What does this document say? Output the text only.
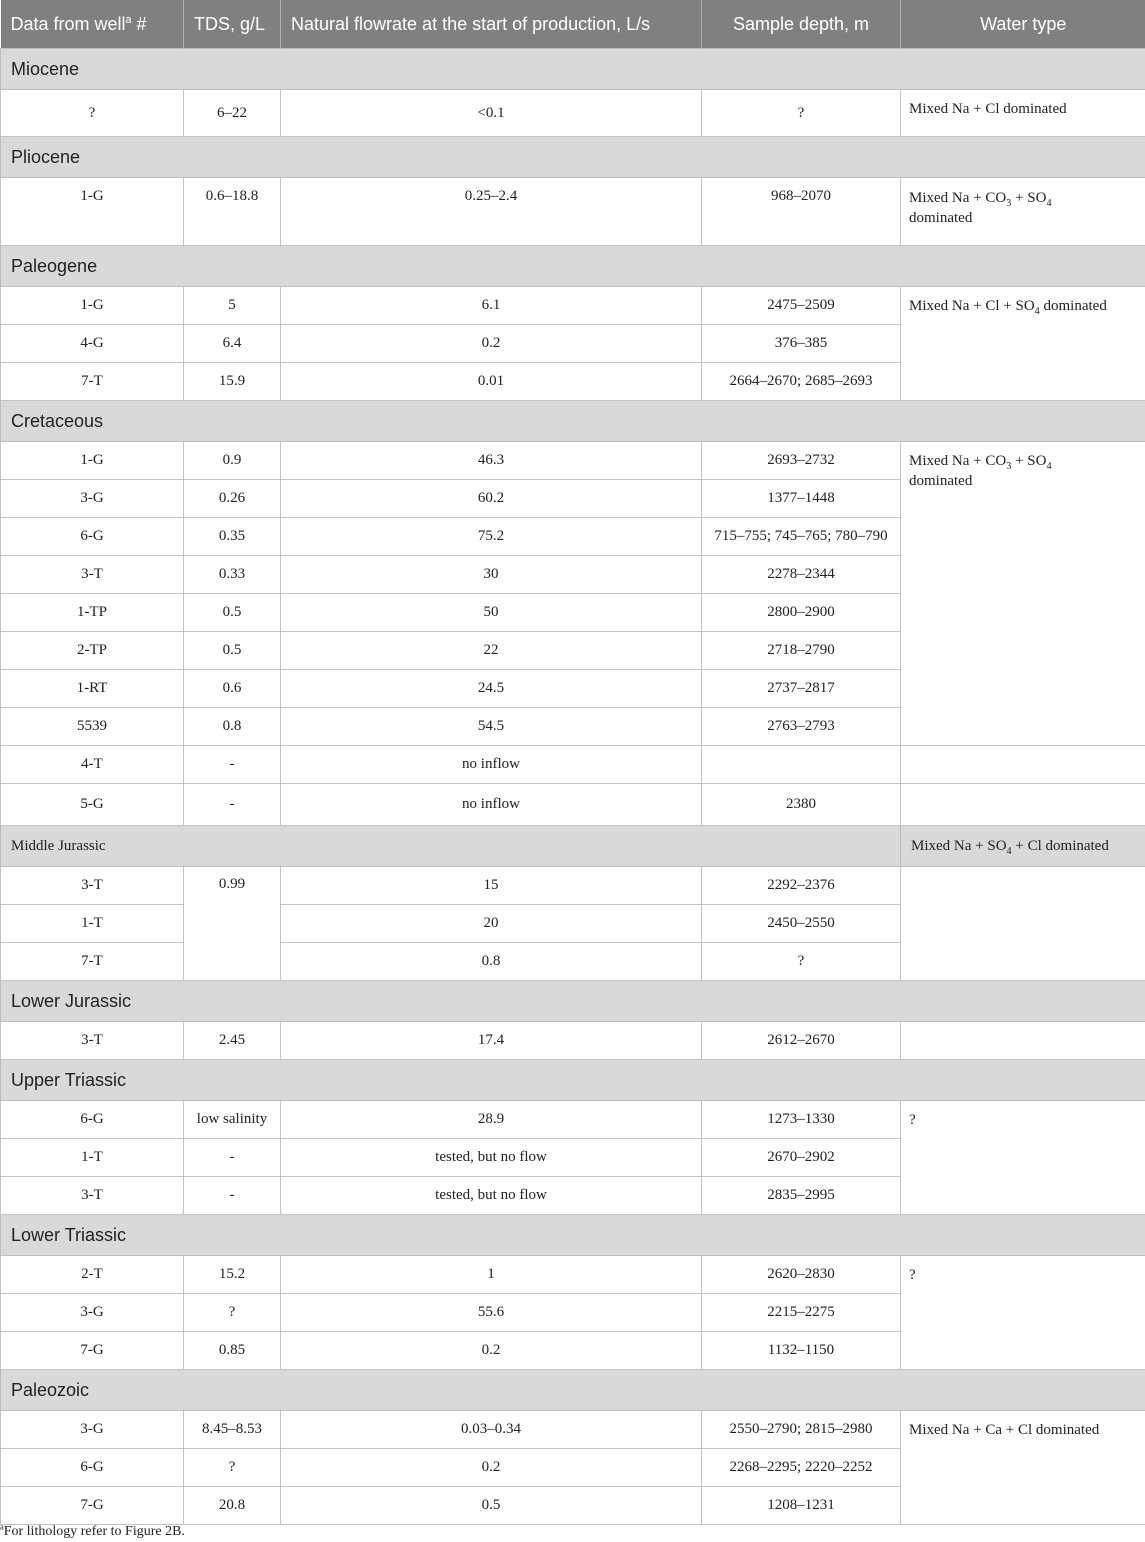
Data from well$^a$ #	TDS, g/L	Natural flowrate at the start of production, L/s	Sample depth, m	Water type
Miocene				
?	6–22	<0.1	?	Mixed Na + Cl dominated
Pliocene				
1-G	0.6–18.8	0.25–2.4	968–2070	Mixed $Na + CO_3 + SO_4$
dominated
Paleogene				
1-G	5	6.1	2475–2509	Mixed $Na + Cl + SO_4$ dominated
4-G	6.4	0.2	376–385	
7-T	15.9	0.01	2664–2670; 2685–2693	
Cretaceous				
1-G	0.9	46.3	2693–2732	Mixed $Na + CO_3 + SO_4$
dominated
3-G	0.26	60.2	1377–1448	
6-G	0.35	75.2	715–755; 745–765; 780–790	
3-T	0.33	30	2278–2344	
1-TP	0.5	50	2800–2900	
2-TP	0.5	22	2718–2790	
1-RT	0.6	24.5	2737–2817	
5539	0.8	54.5	2763–2793	
4-T	-	no inflow		
5-G	-	no inflow	2380	
Middle Jurassic				Mixed $Na + SO_4 + Cl$ dominated
3-T	0.99	15	2292–2376	
1-T		20	2450–2550	
7-T		0.8	?	
Lower Jurassic				
3-T	2.45	17.4	2612–2670	
Upper Triassic				
6-G	low salinity	28.9	1273–1330	?
1-T	-	tested, but no flow	2670–2902	
3-T	-	tested, but no flow	2835–2995	
Lower Triassic				
2-T	15.2	1	2620–2830	?
3-G	?	55.6	2215–2275	
7-G	0.85	0.2	1132–1150	
Paleozoic				
3-G	8.45–8.53	0.03–0.34	2550–2790; 2815–2980	Mixed Na + Ca + Cl dominated
6-G	?	0.2	2268–2295; 2220–2252	
7-G	20.8	0.5	1208–1231	
$^a$For lithology refer to Figure 2B.
